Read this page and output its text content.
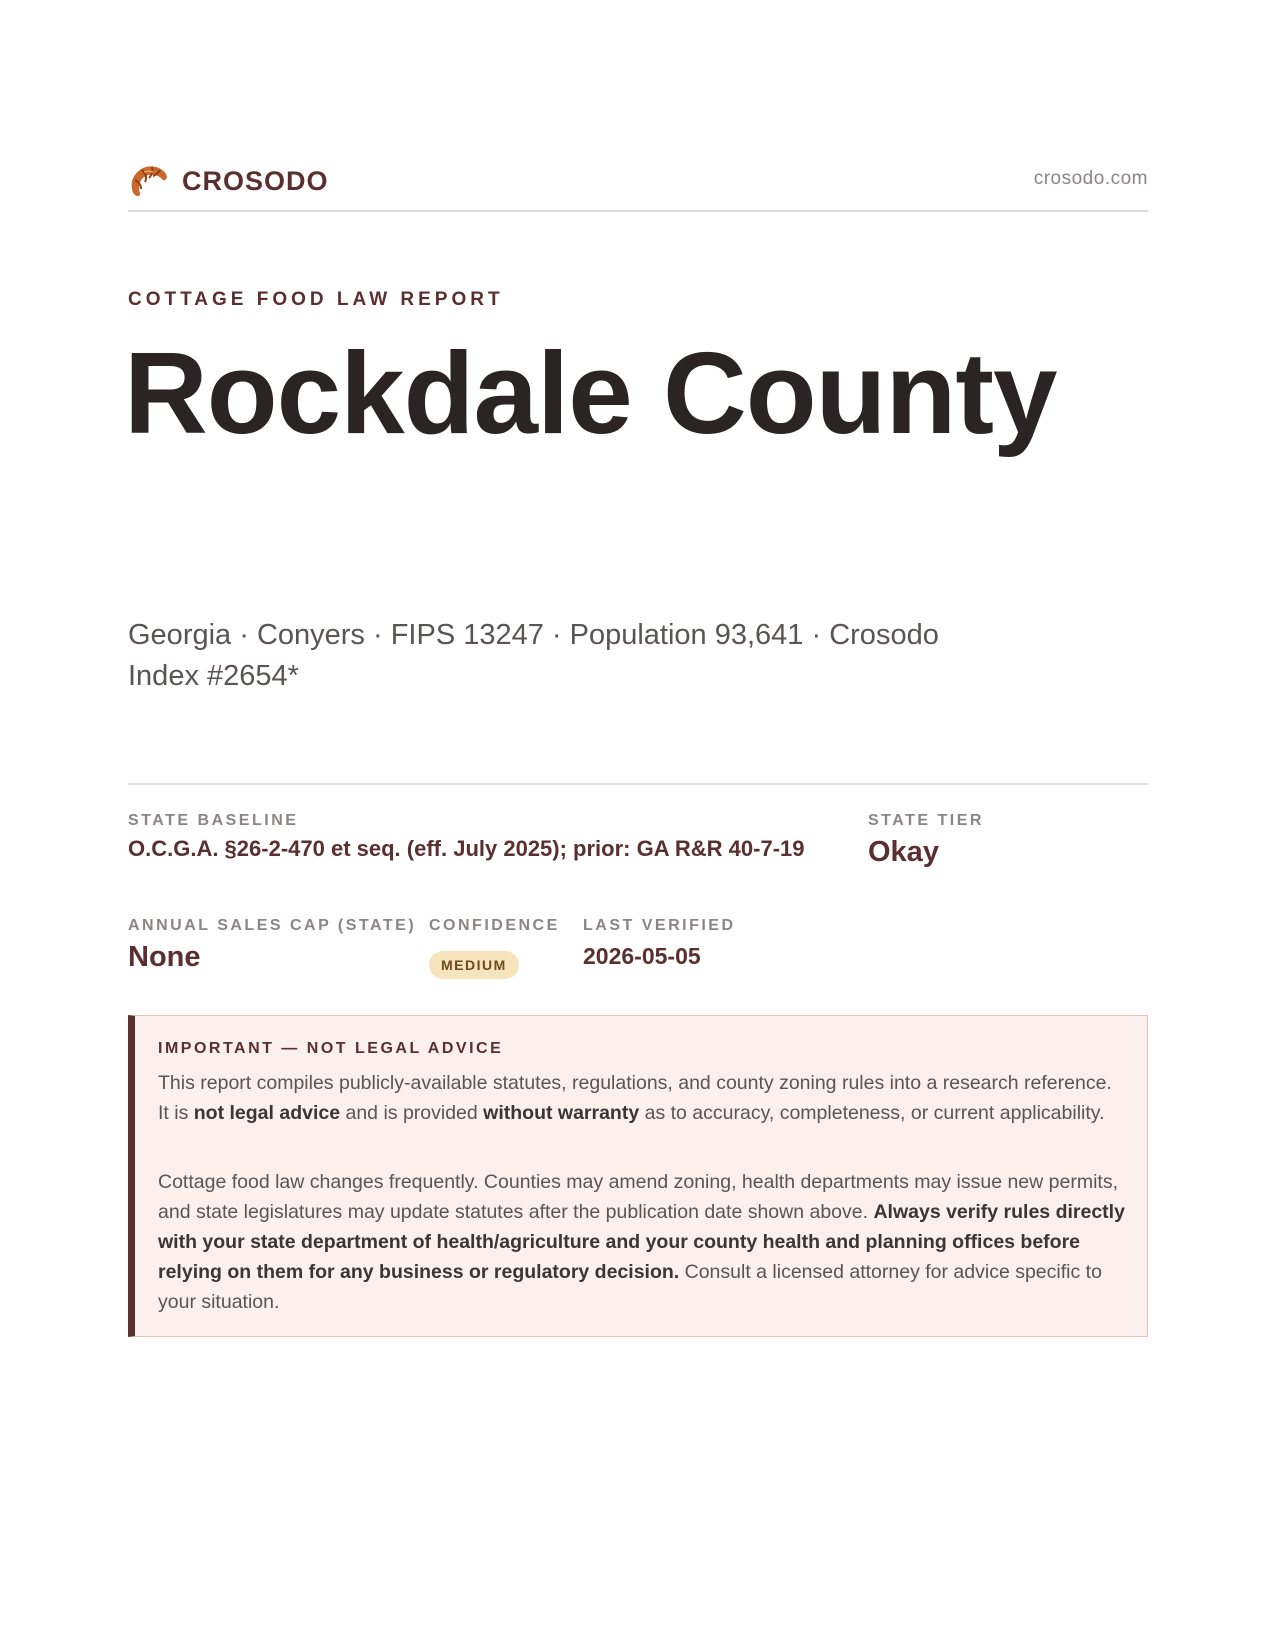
CROSODO	crosodo.com
COTTAGE FOOD LAW REPORT
Rockdale County
Georgia · Conyers · FIPS 13247 · Population 93,641 · Crosodo Index #2654*
STATE BASELINE
O.C.G.A. §26-2-470 et seq. (eff. July 2025); prior: GA R&R 40-7-19
STATE TIER
Okay
ANNUAL SALES CAP (STATE)
None
CONFIDENCE
MEDIUM
LAST VERIFIED
2026-05-05
IMPORTANT — NOT LEGAL ADVICE
This report compiles publicly-available statutes, regulations, and county zoning rules into a research reference. It is not legal advice and is provided without warranty as to accuracy, completeness, or current applicability.
Cottage food law changes frequently. Counties may amend zoning, health departments may issue new permits, and state legislatures may update statutes after the publication date shown above. Always verify rules directly with your state department of health/agriculture and your county health and planning offices before relying on them for any business or regulatory decision. Consult a licensed attorney for advice specific to your situation.
